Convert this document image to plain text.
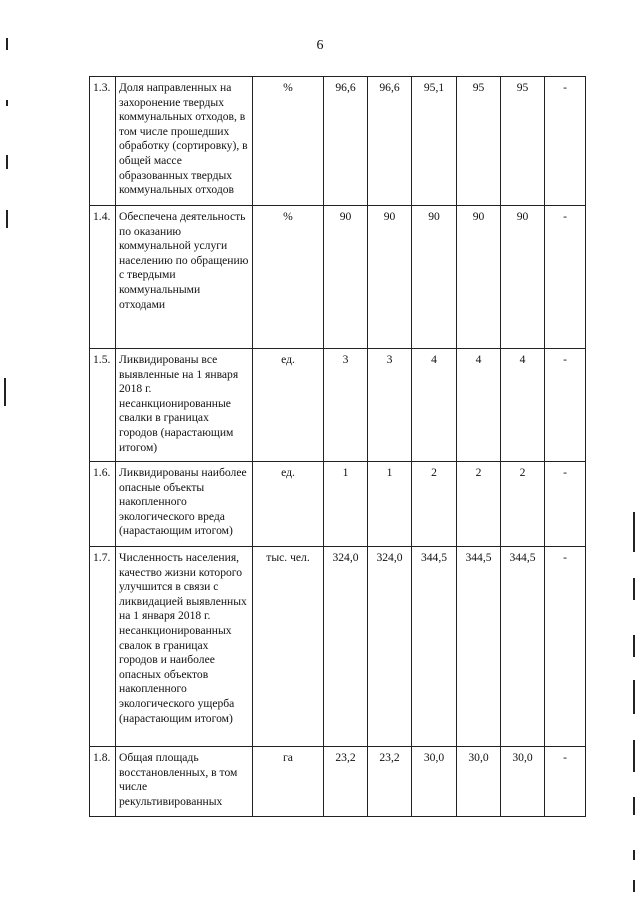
6
1.3.	Доля направленных на захоронение твердых коммунальных отходов, в том числе прошедших обработку (сортировку), в общей массе образованных твердых коммунальных отходов	%	96,6	96,6	95,1	95	95	-
1.4.	Обеспечена деятельность по оказанию коммунальной услуги населению по обращению с твердыми коммунальными отходами	%	90	90	90	90	90	-
1.5.	Ликвидированы все выявленные на 1 января 2018 г. несанкционированные свалки в границах городов (нарастающим итогом)	ед.	3	3	4	4	4	-
1.6.	Ликвидированы наиболее опасные объекты накопленного экологического вреда (нарастающим итогом)	ед.	1	1	2	2	2	-
1.7.	Численность населения, качество жизни которого улучшится в связи с ликвидацией выявленных на 1 января 2018 г. несанкционированных свалок в границах городов и наиболее опасных объектов накопленного экологического ущерба (нарастающим итогом)	тыс. чел.	324,0	324,0	344,5	344,5	344,5	-
1.8.	Общая площадь восстановленных, в том числе рекультивированных	га	23,2	23,2	30,0	30,0	30,0	-
